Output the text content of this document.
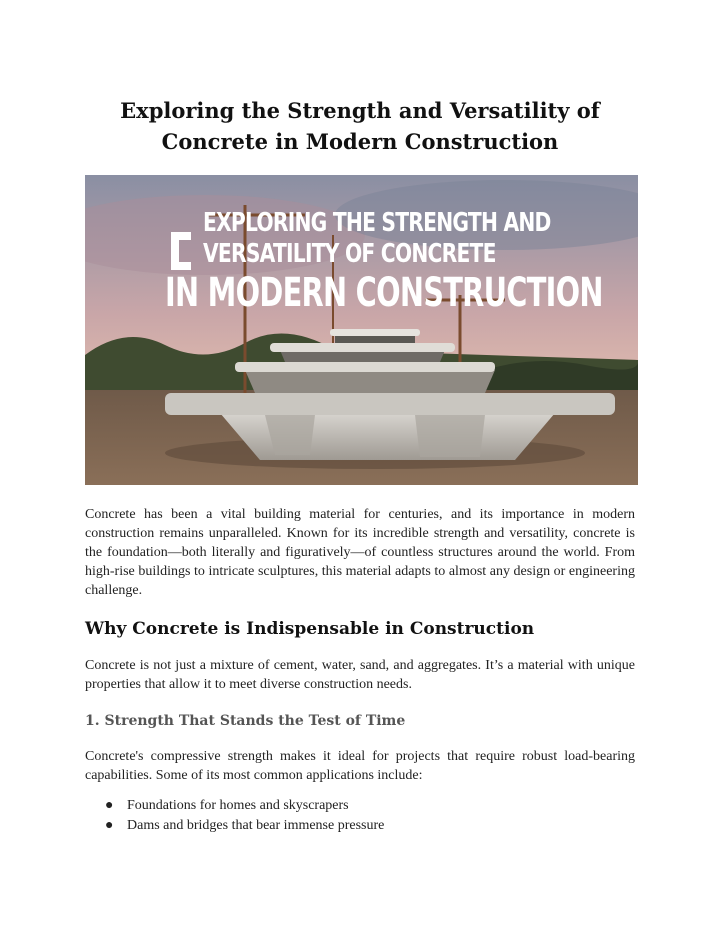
Exploring the Strength and Versatility of Concrete in Modern Construction
EXPLORING THE STRENGTH AND
VERSATILITY OF CONCRETE
IN MODERN CONSTRUCTION

Concrete has been a vital building material for centuries, and its importance in modern construction remains unparalleled. Known for its incredible strength and versatility, concrete is the foundation—both literally and figuratively—of countless structures around the world. From high-rise buildings to intricate sculptures, this material adapts to almost any design or engineering challenge.

Why Concrete is Indispensable in Construction

Concrete is not just a mixture of cement, water, sand, and aggregates. It’s a material with unique properties that allow it to meet diverse construction needs.

1. Strength That Stands the Test of Time

Concrete's compressive strength makes it ideal for projects that require robust load-bearing capabilities. Some of its most common applications include:

● Foundations for homes and skyscrapers
● Dams and bridges that bear immense pressure
